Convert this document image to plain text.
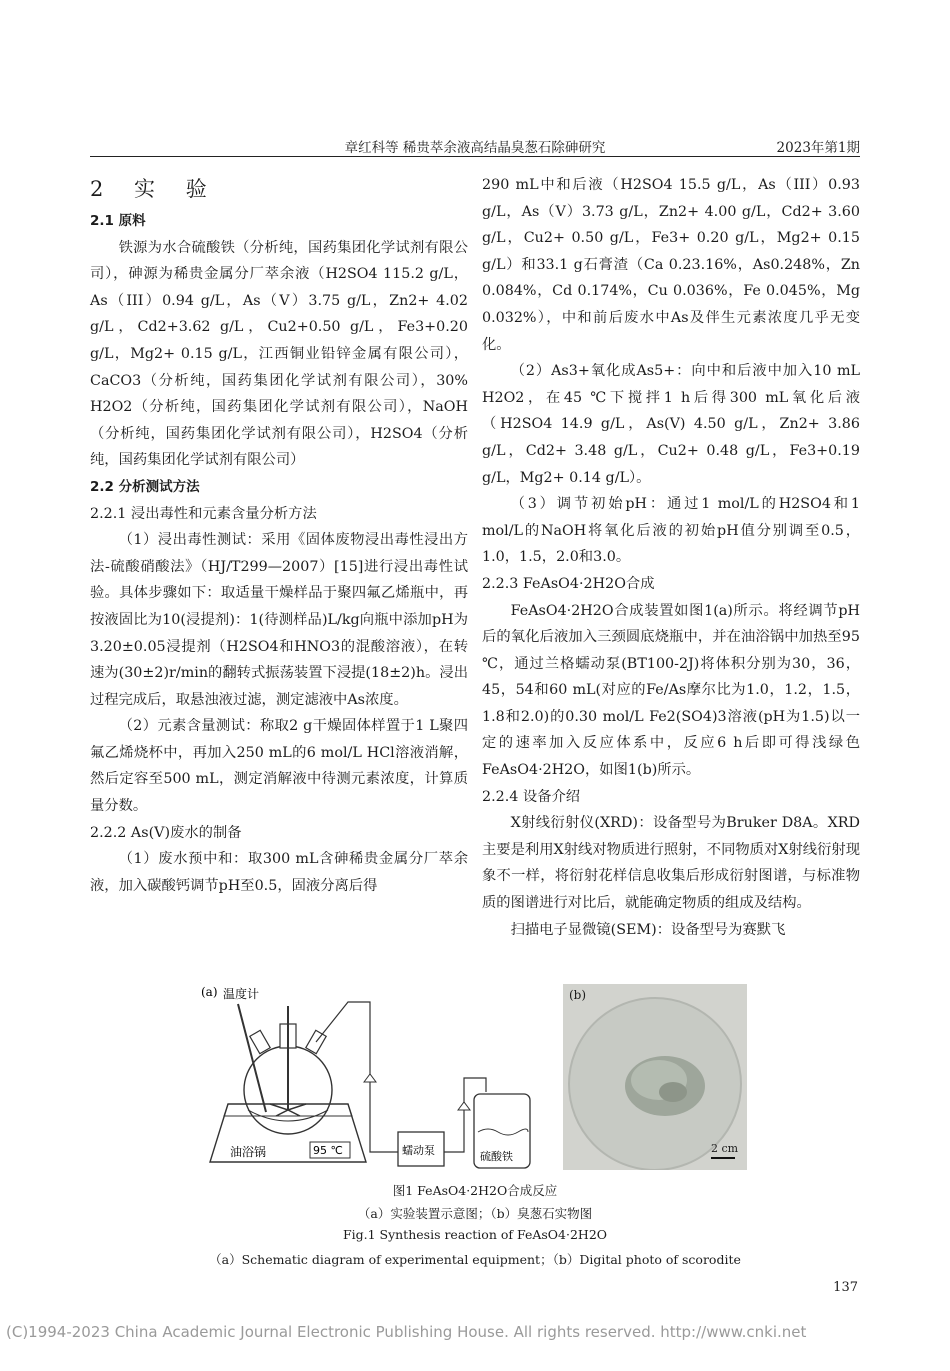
章红科等 稀贵萃余液高结晶臭葱石除砷研究	2023年第1期
2 实 验

2.1 原料

铁源为水合硫酸铁（分析纯，国药集团化学试剂有限公司），砷源为稀贵金属分厂萃余液（H2SO4 115.2 g/L，As（III）0.94 g/L，As（V）3.75 g/L，Zn2+ 4.02 g/L，Cd2+3.62 g/L，Cu2+0.50 g/L，Fe3+0.20 g/L，Mg2+ 0.15 g/L，江西铜业铅锌金属有限公司），CaCO3（分析纯，国药集团化学试剂有限公司），30% H2O2（分析纯，国药集团化学试剂有限公司），NaOH（分析纯，国药集团化学试剂有限公司），H2SO4（分析纯，国药集团化学试剂有限公司）

2.2 分析测试方法

2.2.1 浸出毒性和元素含量分析方法

（1）浸出毒性测试：采用《固体废物浸出毒性浸出方法-硫酸硝酸法》（HJ/T299—2007）[15]进行浸出毒性试验。具体步骤如下：取适量干燥样品于聚四氟乙烯瓶中，再按液固比为10(浸提剂)：1(待测样品)L/kg向瓶中添加pH为3.20±0.05浸提剂（H2SO4和HNO3的混酸溶液），在转速为(30±2)r/min的翻转式振荡装置下浸提(18±2)h。浸出过程完成后，取悬浊液过滤，测定滤液中As浓度。

（2）元素含量测试：称取2 g干燥固体样置于1 L聚四氟乙烯烧杯中，再加入250 mL的6 mol/L HCl溶液消解，然后定容至500 mL，测定消解液中待测元素浓度，计算质量分数。

2.2.2 As(V)废水的制备

（1）废水预中和：取300 mL含砷稀贵金属分厂萃余液，加入碳酸钙调节pH至0.5，固液分离后得

290 mL中和后液（H2SO4 15.5 g/L，As（III）0.93 g/L，As（V）3.73 g/L，Zn2+ 4.00 g/L，Cd2+ 3.60 g/L，Cu2+ 0.50 g/L，Fe3+ 0.20 g/L，Mg2+ 0.15 g/L）和33.1 g石膏渣（Ca 0.23.16%，As0.248%，Zn 0.084%，Cd 0.174%，Cu 0.036%，Fe 0.045%，Mg 0.032%），中和前后废水中As及伴生元素浓度几乎无变化。

（2）As3+氧化成As5+：向中和后液中加入10 mL H2O2，在45 ℃下搅拌1 h后得300 mL氧化后液（H2SO4 14.9 g/L，As(V) 4.50 g/L，Zn2+ 3.86 g/L，Cd2+ 3.48 g/L，Cu2+ 0.48 g/L，Fe3+0.19 g/L，Mg2+ 0.14 g/L）。

（3）调节初始pH：通过1 mol/L的H2SO4和1 mol/L的NaOH将氧化后液的初始pH值分别调至0.5，1.0，1.5，2.0和3.0。

2.2.3 FeAsO4·2H2O合成

FeAsO4·2H2O合成装置如图1(a)所示。将经调节pH后的氧化后液加入三颈圆底烧瓶中，并在油浴锅中加热至95 ℃，通过兰格蠕动泵(BT100-2J)将体积分别为30，36，45，54和60 mL(对应的Fe/As摩尔比为1.0，1.2，1.5，1.8和2.0)的0.30 mol/L Fe2(SO4)3溶液(pH为1.5)以一定的速率加入反应体系中，反应6 h后即可得浅绿色FeAsO4·2H2O，如图1(b)所示。

2.2.4 设备介绍

X射线衍射仪(XRD)：设备型号为Bruker D8A。XRD主要是利用X射线对物质进行照射，不同物质对X射线衍射现象不一样，将衍射花样信息收集后形成衍射图谱，与标准物质的图谱进行对比后，就能确定物质的组成及结构。

扫描电子显微镜(SEM)：设备型号为赛默飞

(a) 温度计
油浴锅	95 ℃	蠕动泵	硫酸铁
(b)
2 cm
图1 FeAsO4·2H2O合成反应
（a）实验装置示意图；（b）臭葱石实物图
Fig.1 Synthesis reaction of FeAsO4·2H2O
（a）Schematic diagram of experimental equipment；（b）Digital photo of scorodite
137
(C)1994-2023 China Academic Journal Electronic Publishing House. All rights reserved. http://www.cnki.net
